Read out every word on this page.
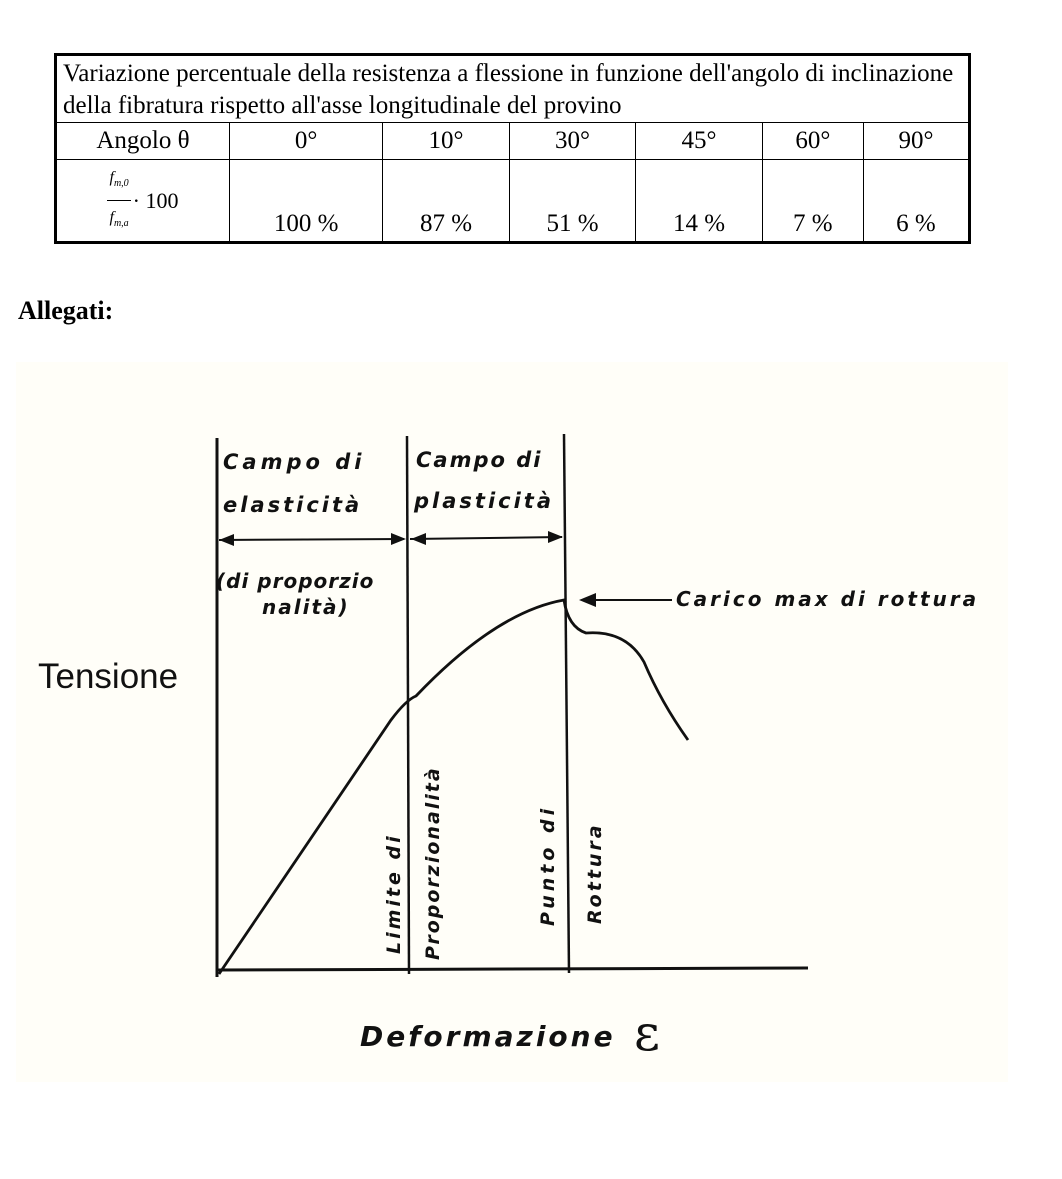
Variazione percentuale della resistenza a flessione in funzione dell'angolo di inclinazione della fibratura rispetto all'asse longitudinale del provino						
Angolo θ	0°	10°	30°	45°	60°	90°

$\frac{f_{m,0}}{f_{m,a}} \cdot 100$	100 %	87 %	51 %	14 %	7 %	6 %
Allegati:
Tensione
Campo di
elasticità
Campo di
plasticità
(di proporzio
nalità)	Carico max di rottura
Limite di Proporzionalità	Punto di Rottura
Deformazione ε
